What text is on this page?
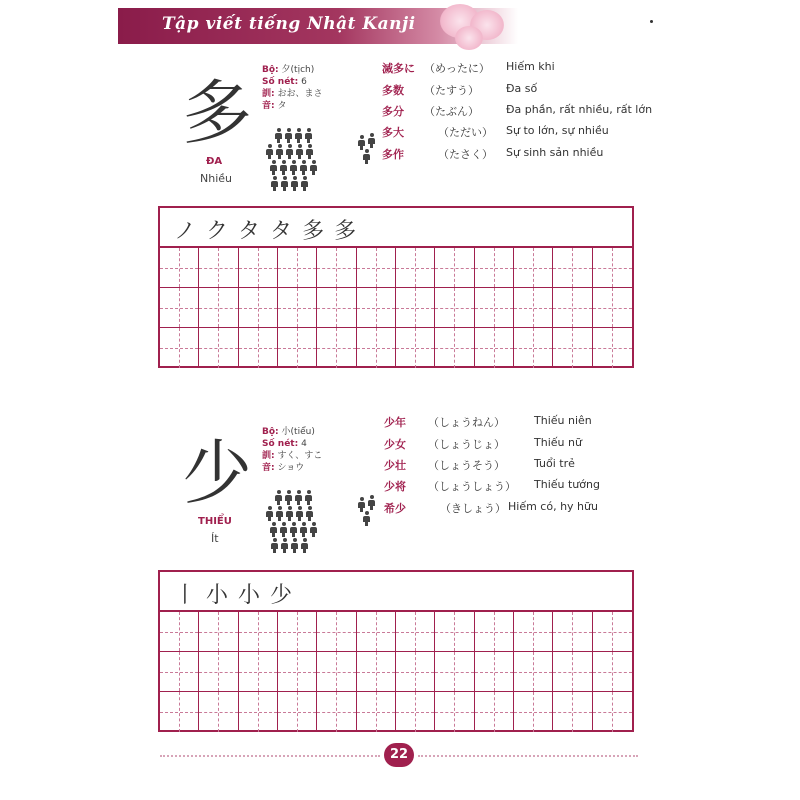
Tập viết tiếng Nhật Kanji
多
ĐA
Nhiều
Bộ: 夕(tịch)
Số nét: 6
訓: おお、まさ
音: タ
滅多に （めったに） Hiếm khi
多数 （たすう） Đa số
多分 （たぶん） Đa phần, rất nhiều, rất lớn
多大	（ただい） Sự to lớn, sự nhiều
多作	（たさく） Sự sinh sản nhiều
ノ ク タ タ 多 多
少
THIỂU
Ít
Bộ: 小(tiểu)
Số nét: 4
訓: すく、すこ
音: ショウ
少年 （しょうねん）	Thiếu niên
少女 （しょうじょ）	Thiếu nữ
少壮 （しょうそう）	Tuổi trẻ
少将 （しょうしょう） Thiếu tướng
希少	（きしょう） Hiếm có, hy hữu
丨 小 小 少
22
